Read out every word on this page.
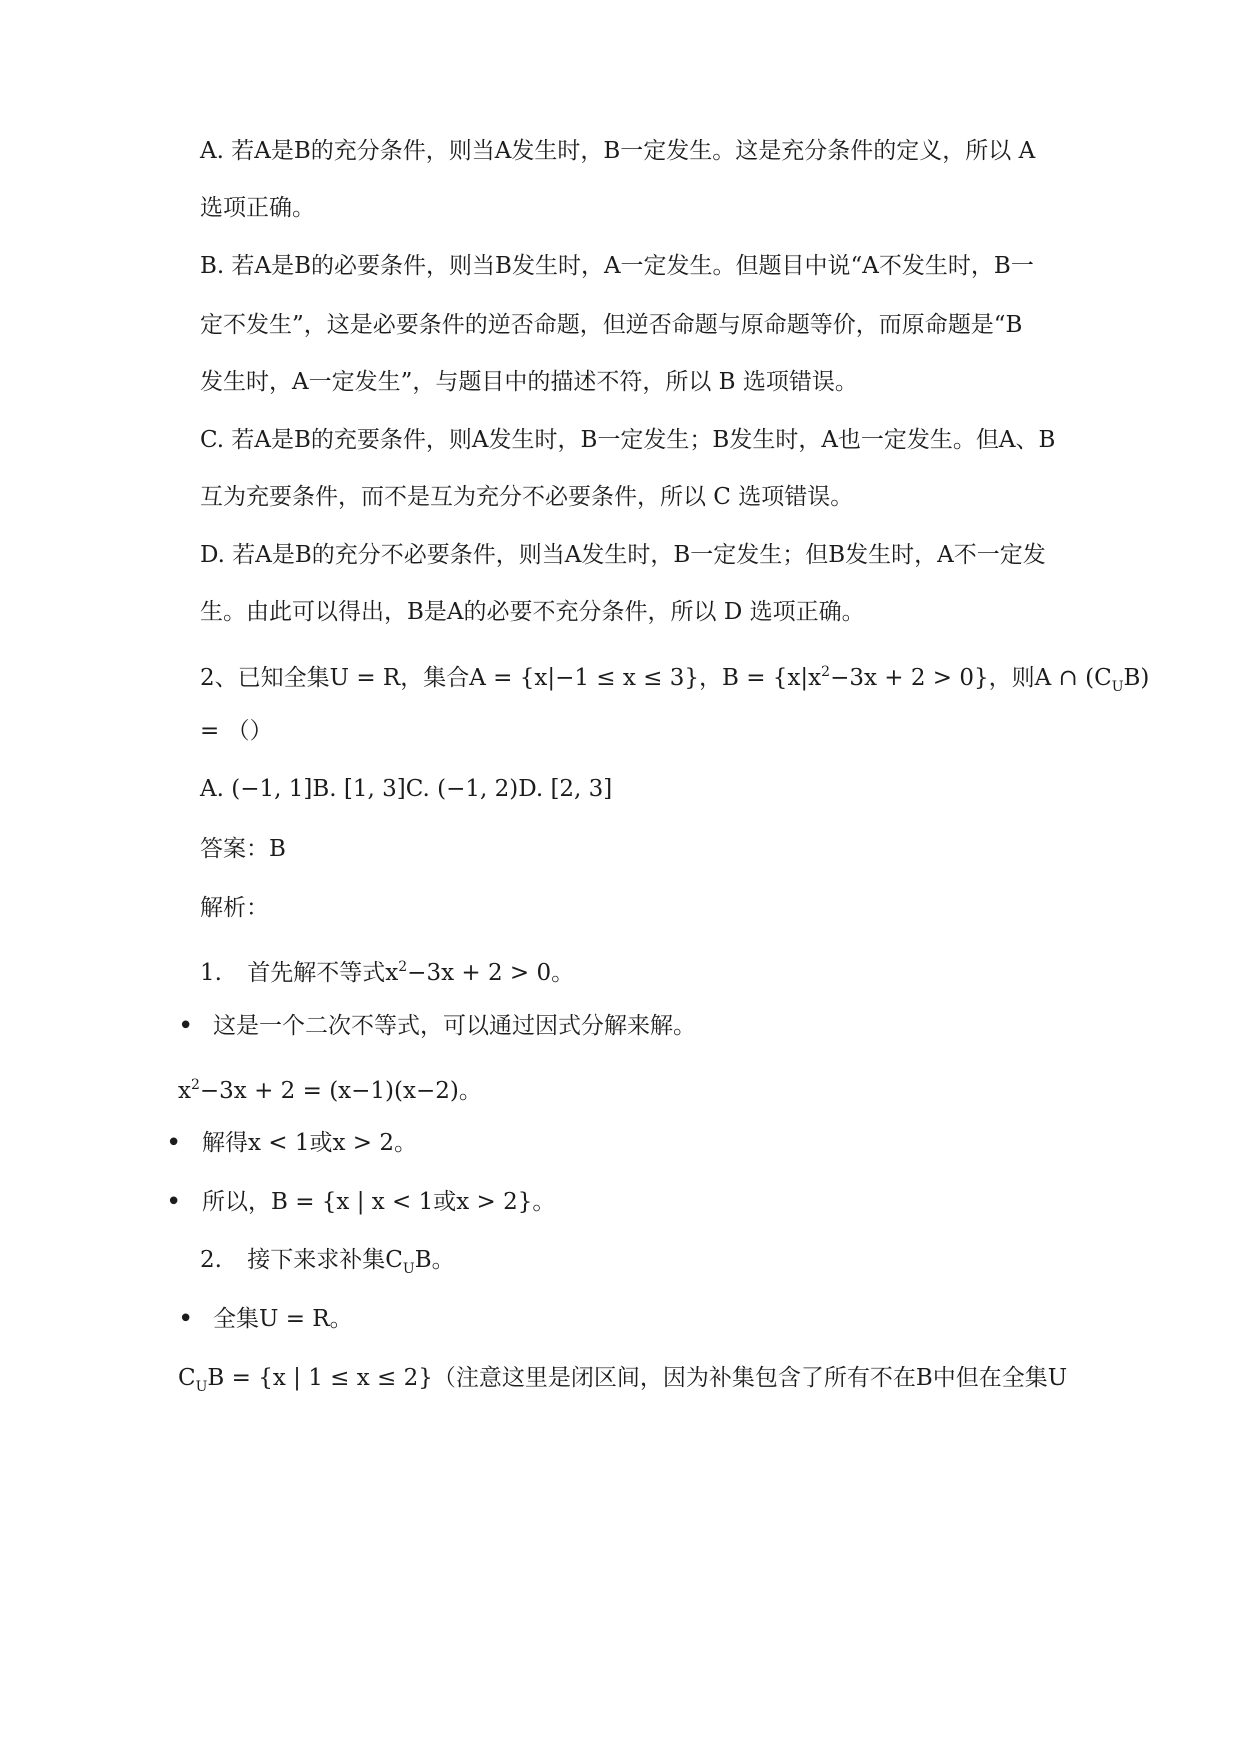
A. 若A是B的充分条件，则当A发生时，B一定发生。这是充分条件的定义，所以 A
选项正确。
B. 若A是B的必要条件，则当B发生时，A一定发生。但题目中说“A不发生时，B一
定不发生”，这是必要条件的逆否命题，但逆否命题与原命题等价，而原命题是“B
发生时，A一定发生”，与题目中的描述不符，所以 B 选项错误。
C. 若A是B的充要条件，则A发生时，B一定发生；B发生时，A也一定发生。但A、B
互为充要条件，而不是互为充分不必要条件，所以 C 选项错误。
D. 若A是B的充分不必要条件，则当A发生时，B一定发生；但B发生时，A不一定发
生。由此可以得出，B是A的必要不充分条件，所以 D 选项正确。
2、已知全集U = R，集合A = {x|−1 ≤ x ≤ 3}，$B = \{x|x^2-3x + 2 > 0\}$，则A ∩ $(C_UB)$
= （）
A. (−1, 1]B. [1, 3]C. (−1, 2)D. [2, 3]
答案：B
解析：
1. 首先解不等式$x^2-3x + 2 > 0$。
• 这是一个二次不等式，可以通过因式分解来解。
$x^2-3x + 2 = (x-1)(x-2)$。
• 解得x < 1或x > 2。
• 所以，B = {x | x < 1或x > 2}。
2. 接下来求补集$C_UB$。
• 全集U = R。
$C_UB = \{x$ | 1 ≤ x ≤ 2}（注意这里是闭区间，因为补集包含了所有不在B中但在全集U
